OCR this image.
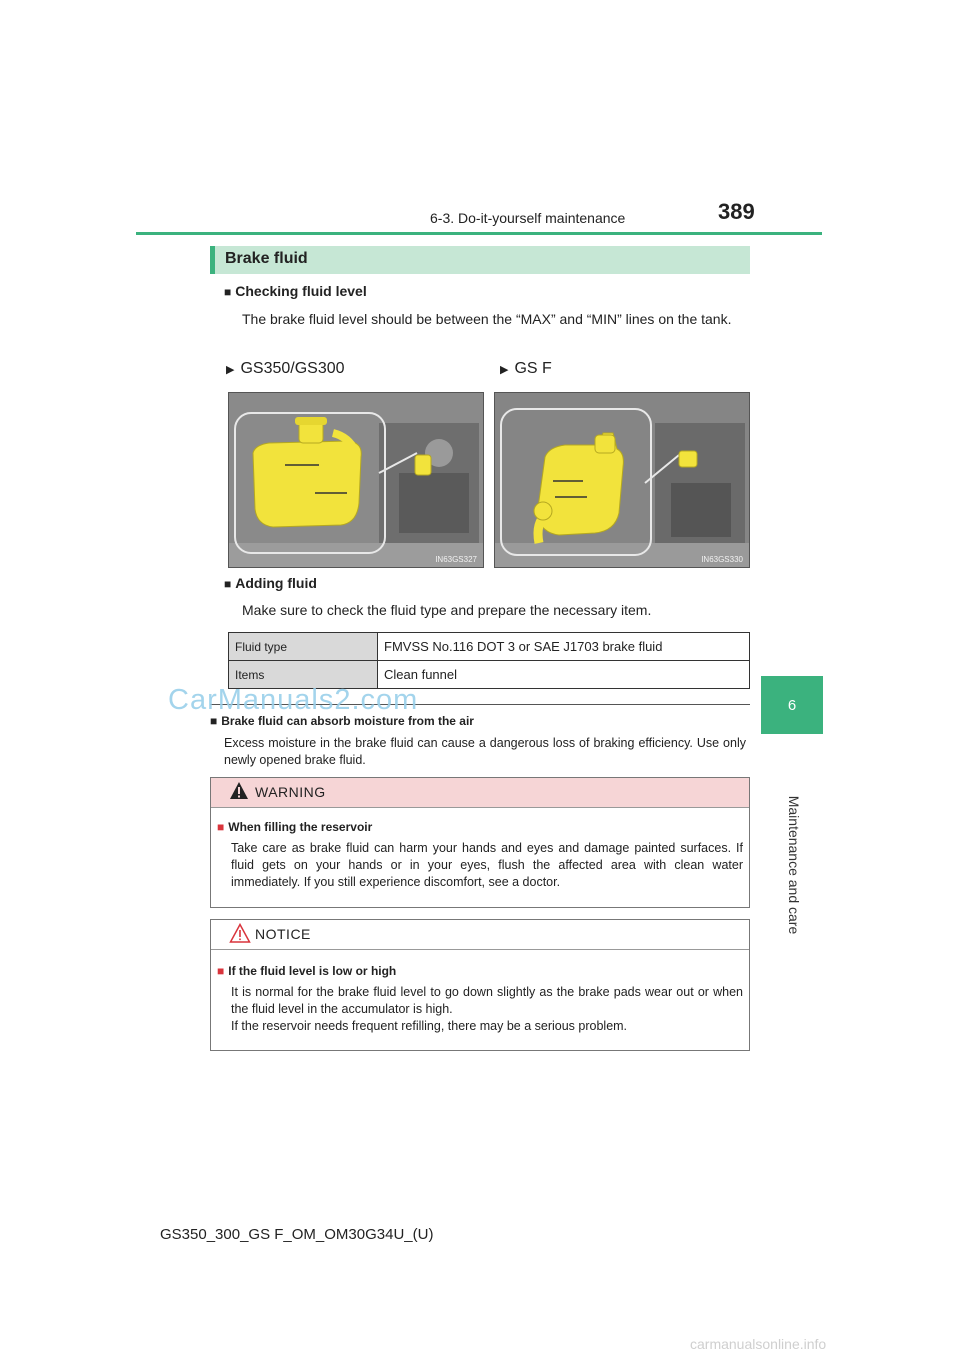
6-3. Do-it-yourself maintenance	389
6
Maintenance and care
Brake fluid
■ Checking fluid level
The brake fluid level should be between the “MAX” and “MIN” lines on the tank.
▶ GS350/GS300	▶ GS F
IN63GS327	IN63GS330
■ Adding fluid
Make sure to check the fluid type and prepare the necessary item.
Fluid type	FMVSS No.116 DOT 3 or SAE J1703 brake fluid
Items	Clean funnel
■ Brake fluid can absorb moisture from the air
Excess moisture in the brake fluid can cause a dangerous loss of braking efficiency. Use only newly opened brake fluid.
WARNING
■ When filling the reservoir
Take care as brake fluid can harm your hands and eyes and damage painted surfaces. If fluid gets on your hands or in your eyes, flush the affected area with clean water immediately. If you still experience discomfort, see a doctor.
NOTICE
■ If the fluid level is low or high
It is normal for the brake fluid level to go down slightly as the brake pads wear out or when the fluid level in the accumulator is high.
If the reservoir needs frequent refilling, there may be a serious problem.
GS350_300_GS F_OM_OM30G34U_(U)
CarManuals2.com
carmanualsonline.info
